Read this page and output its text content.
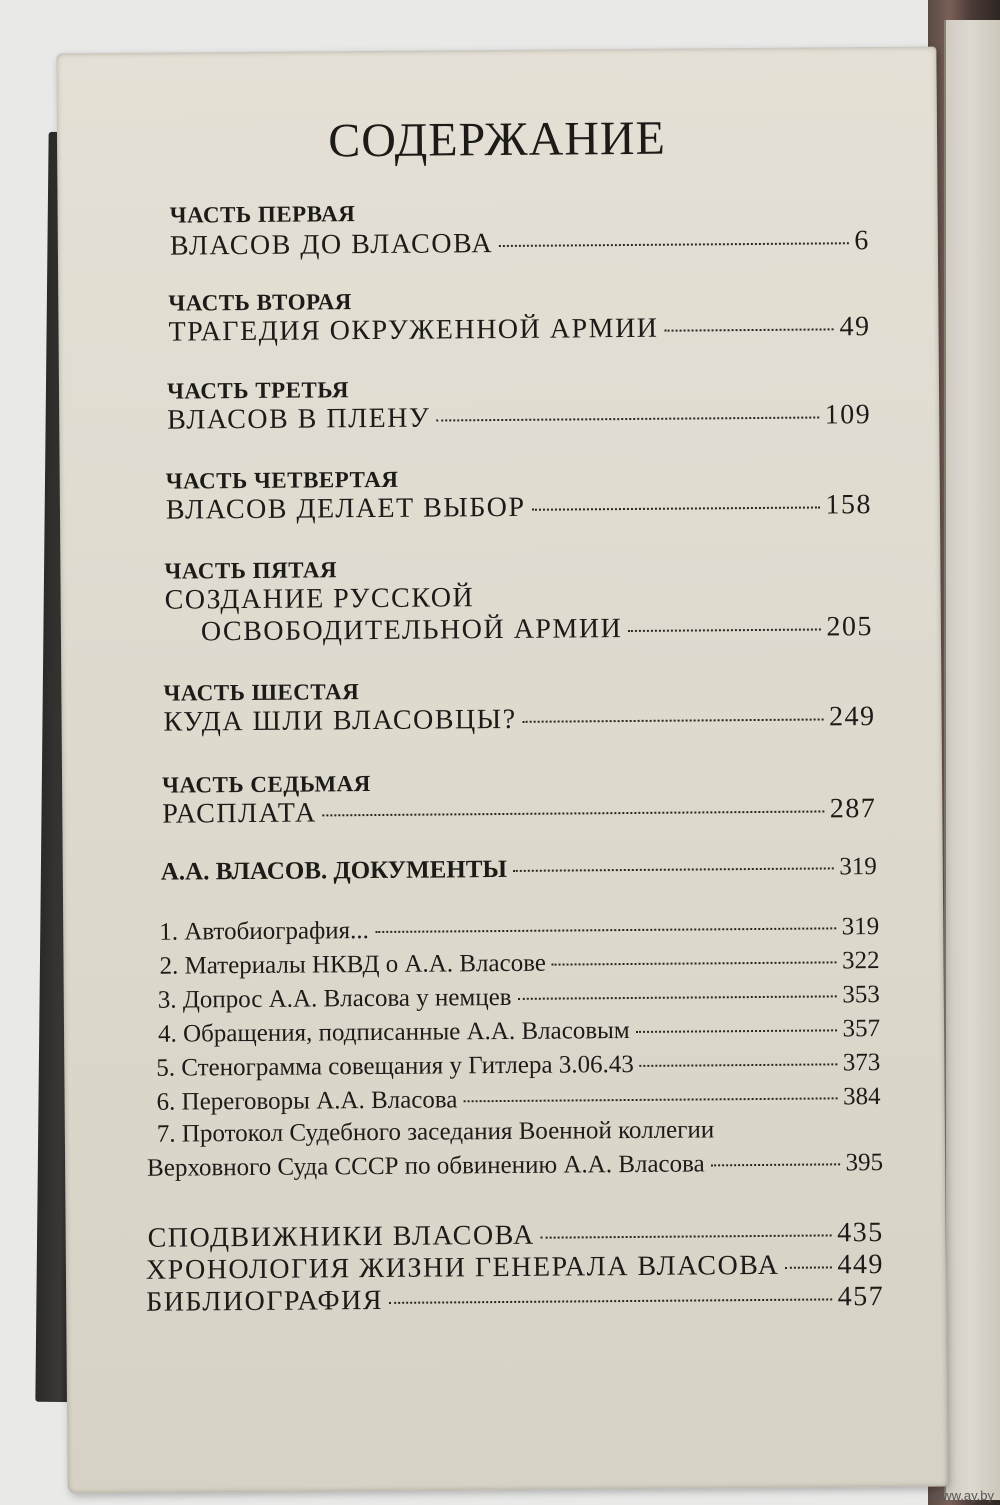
СОДЕРЖАНИЕ
ЧАСТЬ ПЕРВАЯ
ВЛАСОВ ДО ВЛАСОВА	6
ЧАСТЬ ВТОРАЯ
ТРАГЕДИЯ ОКРУЖЕННОЙ АРМИИ	49
ЧАСТЬ ТРЕТЬЯ
ВЛАСОВ В ПЛЕНУ	109
ЧАСТЬ ЧЕТВЕРТАЯ
ВЛАСОВ ДЕЛАЕТ ВЫБОР	158
ЧАСТЬ ПЯТАЯ
СОЗДАНИЕ РУССКОЙ
ОСВОБОДИТЕЛЬНОЙ АРМИИ	205
ЧАСТЬ ШЕСТАЯ
КУДА ШЛИ ВЛАСОВЦЫ?	249
ЧАСТЬ СЕДЬМАЯ
РАСПЛАТА	287
А.А. ВЛАСОВ. ДОКУМЕНТЫ	319
1. Автобиография...	319
2. Материалы НКВД о А.А. Власове	322
3. Допрос А.А. Власова у немцев	353
4. Обращения, подписанные А.А. Власовым	357
5. Стенограмма совещания у Гитлера 3.06.43	373
6. Переговоры А.А. Власова	384
7. Протокол Судебного заседания Военной коллегии
Верховного Суда СССР по обвинению А.А. Власова	395
СПОДВИЖНИКИ ВЛАСОВА	435
ХРОНОЛОГИЯ ЖИЗНИ ГЕНЕРАЛА ВЛАСОВА 449
БИБЛИОГРАФИЯ	457
www.ay.by
